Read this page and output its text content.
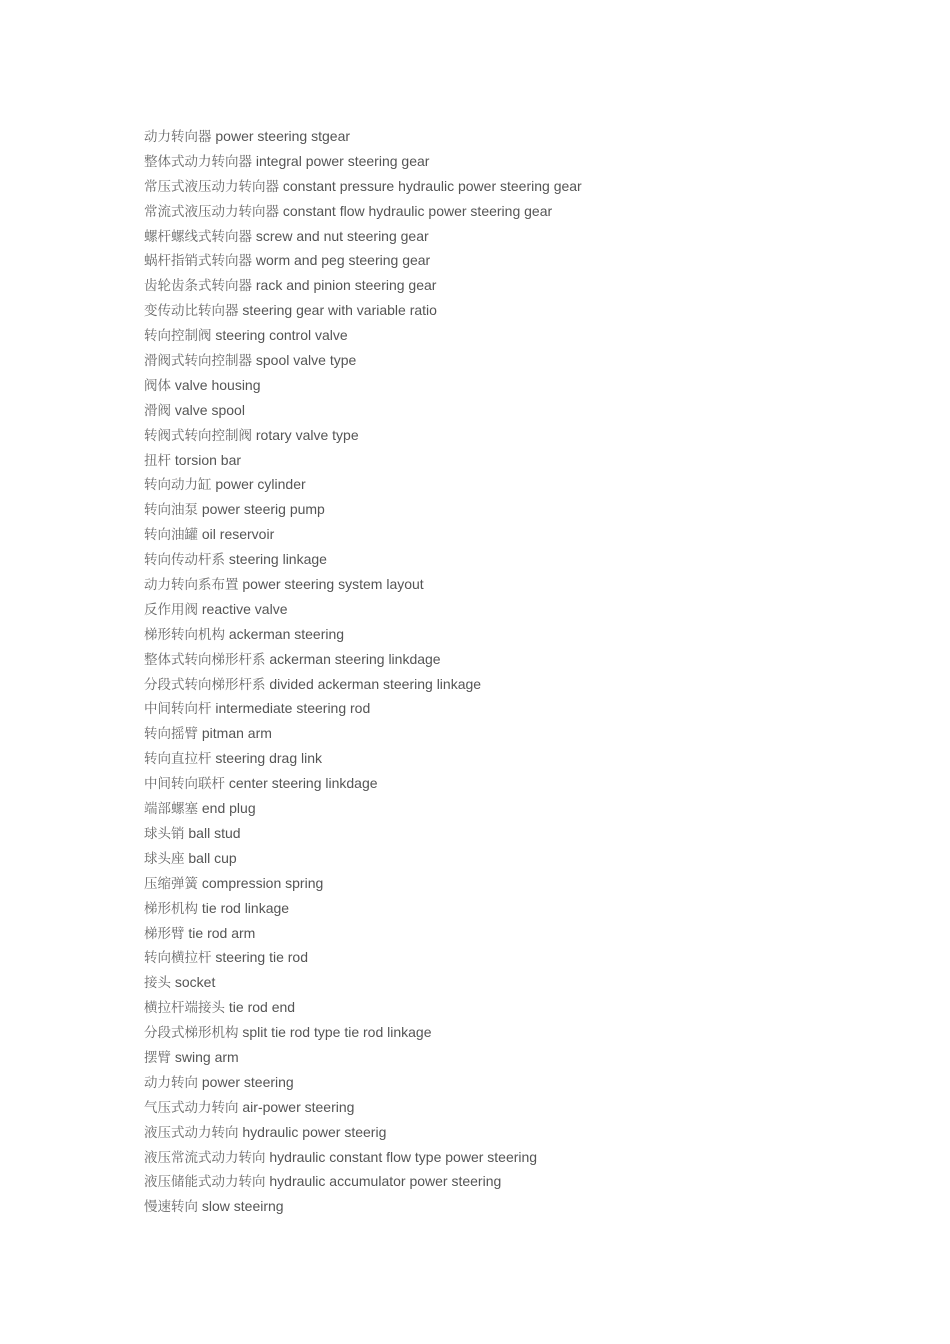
动力转向器 power steering stgear
整体式动力转向器 integral power steering gear
常压式液压动力转向器 constant pressure hydraulic power steering gear
常流式液压动力转向器 constant flow hydraulic power steering gear
螺杆螺线式转向器 screw and nut steering gear
蜗杆指销式转向器 worm and peg steering gear
齿轮齿条式转向器 rack and pinion steering gear
变传动比转向器 steering gear with variable ratio
转向控制阀 steering control valve
滑阀式转向控制器 spool valve type
阀体 valve housing
滑阀 valve spool
转阀式转向控制阀 rotary valve type
扭杆 torsion bar
转向动力缸 power cylinder
转向油泵 power steerig pump
转向油罐 oil reservoir
转向传动杆系 steering linkage
动力转向系布置 power steering system layout
反作用阀 reactive valve
梯形转向机构 ackerman steering
整体式转向梯形杆系 ackerman steering linkdage
分段式转向梯形杆系 divided ackerman steering linkage
中间转向杆 intermediate steering rod
转向摇臂 pitman arm
转向直拉杆 steering drag link
中间转向联杆 center steering linkdage
端部螺塞 end plug
球头销 ball stud
球头座 ball cup
压缩弹簧 compression spring
梯形机构 tie rod linkage
梯形臂 tie rod arm
转向横拉杆 steering tie rod
接头 socket
横拉杆端接头 tie rod end
分段式梯形机构 split tie rod type tie rod linkage
摆臂 swing arm
动力转向 power steering
气压式动力转向 air-power steering
液压式动力转向 hydraulic power steerig
液压常流式动力转向 hydraulic constant flow type power steering
液压储能式动力转向 hydraulic accumulator power steering
慢速转向 slow steeirng
